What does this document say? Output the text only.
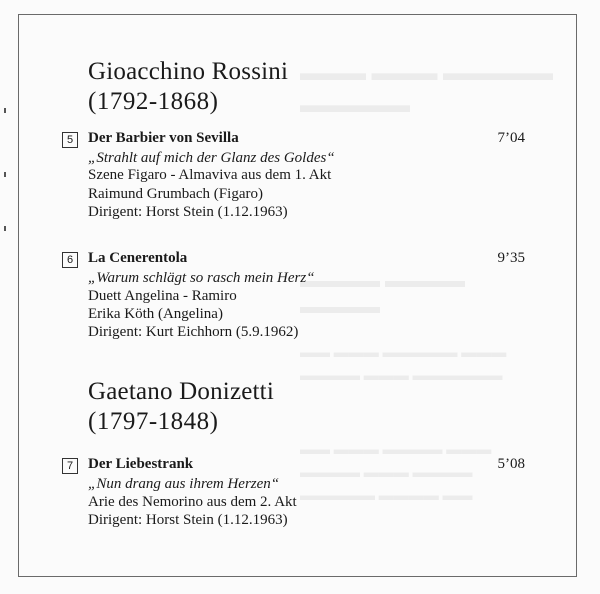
▬▬▬ ▬▬▬ ▬▬▬▬▬
▬▬▬▬▬
▬▬▬▬ ▬▬▬▬
▬▬▬▬
▬▬ ▬▬▬ ▬▬▬▬▬ ▬▬▬
▬▬▬▬ ▬▬▬ ▬▬▬▬▬▬
▬▬ ▬▬▬ ▬▬▬▬ ▬▬▬
▬▬▬▬ ▬▬▬ ▬▬▬▬
▬▬▬▬▬ ▬▬▬▬ ▬▬
Gioacchino Rossini
(1792-1868)
5 Der Barbier von Sevilla	7’04
„Strahlt auf mich der Glanz des Goldes“
Szene Figaro - Almaviva aus dem 1. Akt
Raimund Grumbach (Figaro)
Dirigent: Horst Stein (1.12.1963)
6 La Cenerentola	9’35
„Warum schlägt so rasch mein Herz“
Duett Angelina - Ramiro
Erika Köth (Angelina)
Dirigent: Kurt Eichhorn (5.9.1962)
Gaetano Donizetti
(1797-1848)
7 Der Liebestrank	5’08
„Nun drang aus ihrem Herzen“
Arie des Nemorino aus dem 2. Akt
Dirigent: Horst Stein (1.12.1963)
